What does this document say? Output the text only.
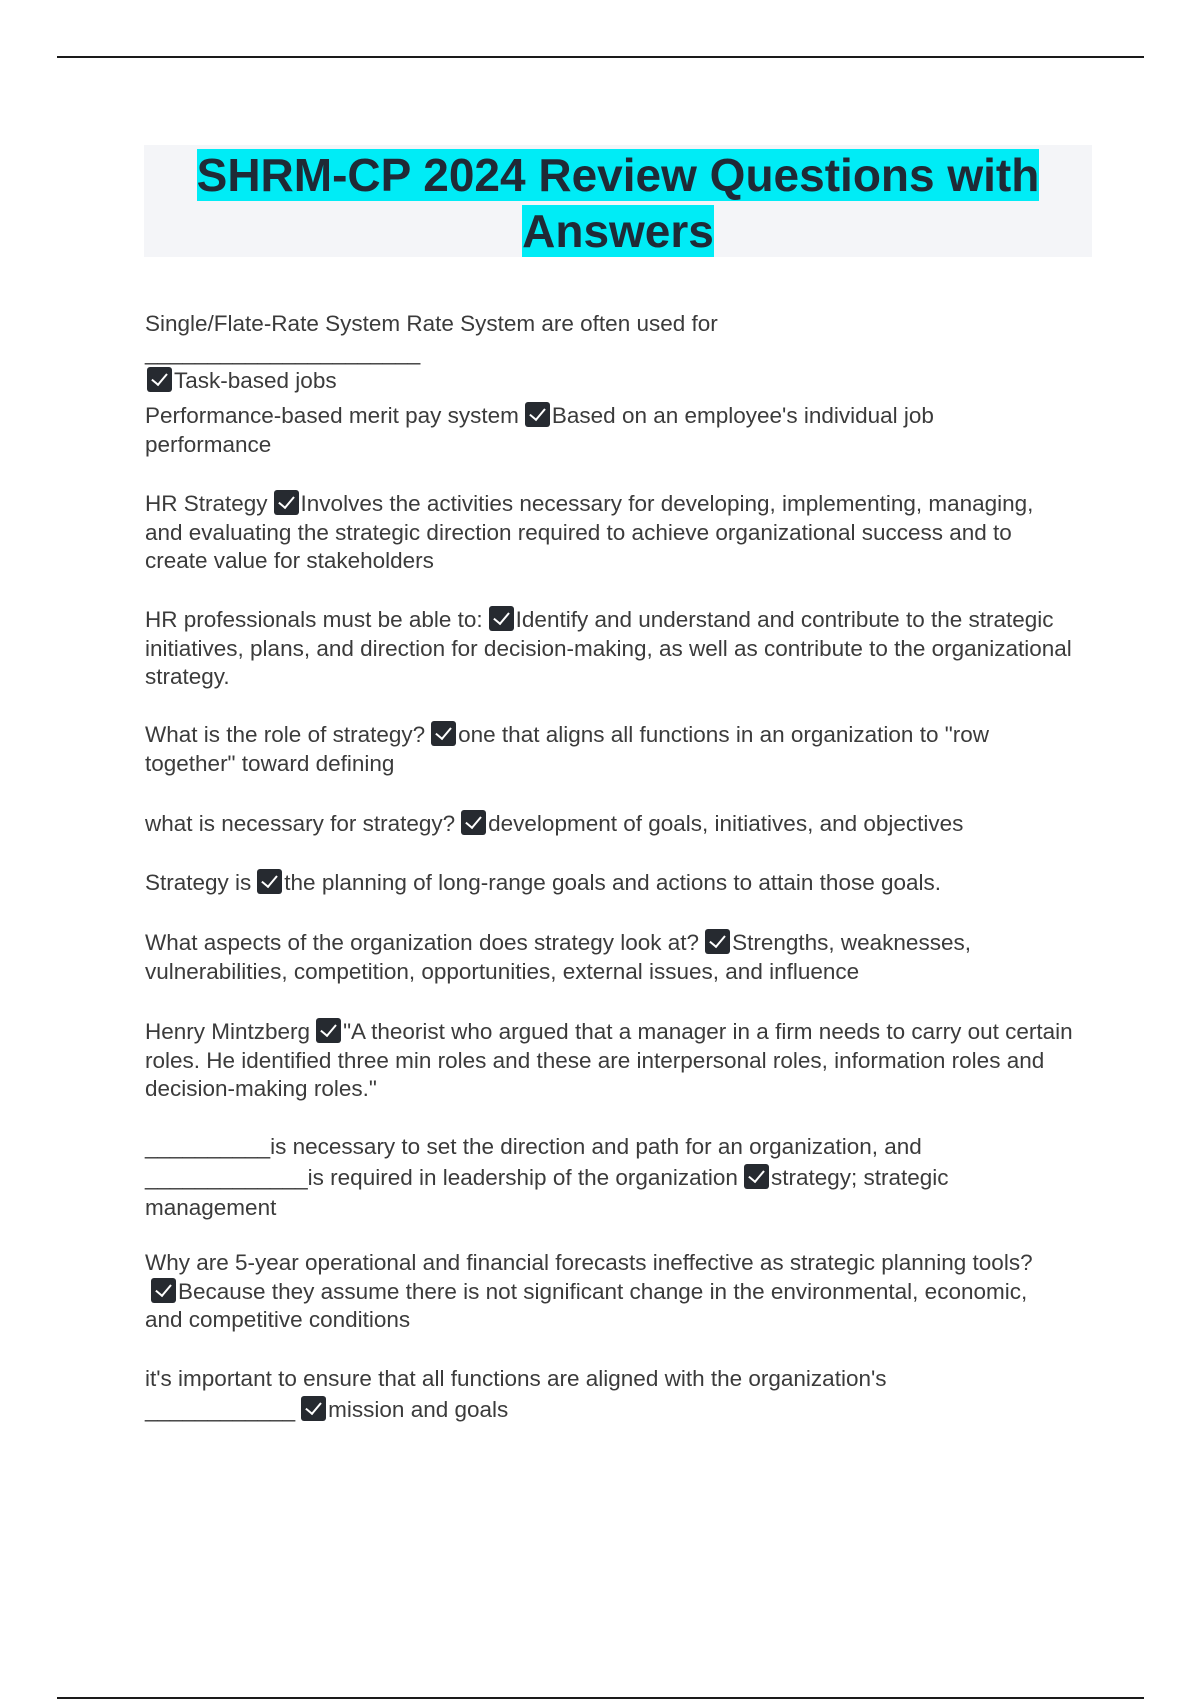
SHRM-CP 2024 Review Questions with Answers

Single/Flate-Rate System Rate System are often used for ______________________
Task-based jobs

Performance-based merit pay system Based on an employee's individual job performance

HR Strategy Involves the activities necessary for developing, implementing, managing, and evaluating the strategic direction required to achieve organizational success and to create value for stakeholders

HR professionals must be able to: Identify and understand and contribute to the strategic initiatives, plans, and direction for decision-making, as well as contribute to the organizational strategy.

What is the role of strategy? one that aligns all functions in an organization to "row together" toward defining

what is necessary for strategy? development of goals, initiatives, and objectives

Strategy is the planning of long-range goals and actions to attain those goals.

What aspects of the organization does strategy look at? Strengths, weaknesses, vulnerabilities, competition, opportunities, external issues, and influence

Henry Mintzberg "A theorist who argued that a manager in a firm needs to carry out certain roles. He identified three min roles and these are interpersonal roles, information roles and decision-making roles."

__________is necessary to set the direction and path for an organization, and _____________is required in leadership of the organization strategy; strategic management

Why are 5-year operational and financial forecasts ineffective as strategic planning tools?Because they assume there is not significant change in the environmental, economic, and competitive conditions

it's important to ensure that all functions are aligned with the organization's ____________ mission and goals
